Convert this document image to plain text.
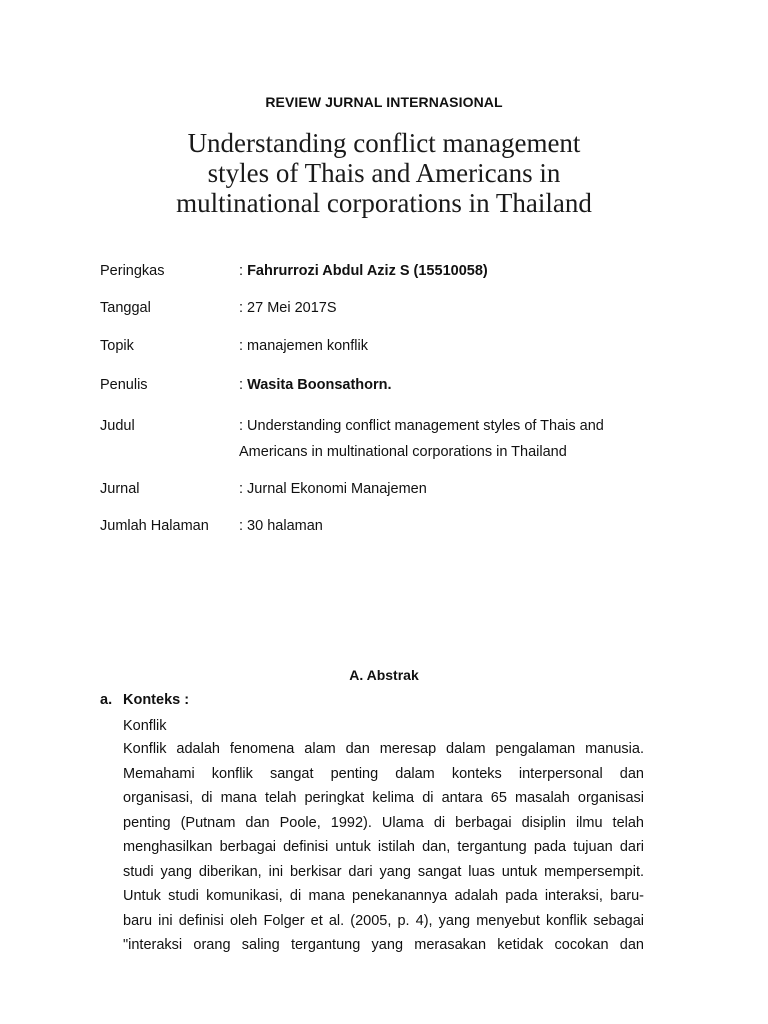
REVIEW JURNAL INTERNASIONAL
Understanding conflict management
styles of Thais and Americans in
multinational corporations in Thailand
Peringkas	: Fahrurrozi Abdul Aziz S (15510058)
Tanggal	: 27 Mei 2017S
Topik	: manajemen konflik
Penulis	: Wasita Boonsathorn.
Judul	: Understanding conflict management styles of Thais and
Americans in multinational corporations in Thailand
Jurnal	: Jurnal Ekonomi Manajemen
Jumlah Halaman : 30 halaman
A. Abstrak
a. Konteks :
Konflik
Konflik adalah fenomena alam dan meresap dalam pengalaman manusia.
Memahami konflik sangat penting dalam konteks interpersonal dan
organisasi, di mana telah peringkat kelima di antara 65 masalah organisasi
penting (Putnam dan Poole, 1992). Ulama di berbagai disiplin ilmu telah
menghasilkan berbagai definisi untuk istilah dan, tergantung pada tujuan dari
studi yang diberikan, ini berkisar dari yang sangat luas untuk mempersempit.
Untuk studi komunikasi, di mana penekanannya adalah pada interaksi, baru-
baru ini definisi oleh Folger et al. (2005, p. 4), yang menyebut konflik sebagai
"interaksi orang saling tergantung yang merasakan ketidak cocokan dan
